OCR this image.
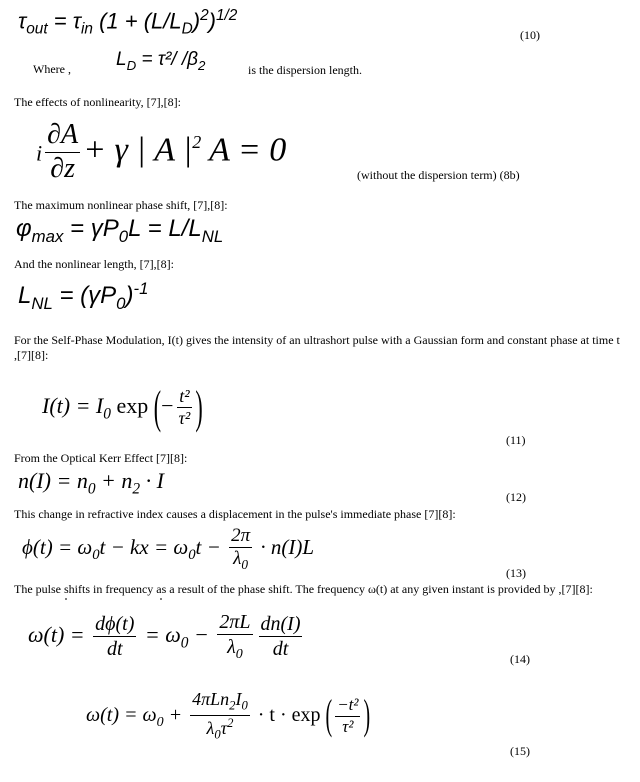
$\tau_{out} = \tau_{in}$ $(1 + (L/L_D)^2)^{1/2}$
(10)
Where , $L_D = \tau^2/$ $/\beta_2$	is the dispersion length.
The effects of nonlinearity, [7],[8]:
i $\frac{\partial A}{\partial z} + \gamma$ | A $|^2$ A = 0
(without the dispersion term) (8b)
The maximum nonlinear phase shift, [7],[8]:
$\varphi_{max} = \gamma P_0L = L/L_{NL}$
And the nonlinear length, [7],[8]:
$L_{NL} = (\gamma P_0)^{-1}$
For the Self-Phase Modulation, I(t) gives the intensity of an ultrashort pulse with a Gaussian form and constant phase at time t
,[7][8]:
$I(t) = I_0$ exp (− $\frac{\text{t²}}{\text{τ²}}$ )
(11)
From the Optical Kerr Effect [7][8]:
$n(I) = n_0 + n_2 \cdot I$
(12)
This change in refractive index causes a displacement in the pulse's immediate phase [7][8]:
$\phi(t) = \omega_0t$ − kx = $\omega_0t - \frac{2\pi}{\lambda_0} \cdot n(I)L$
(13)
The pulse shifts in frequency as a result of the phase shift. The frequency ω(t) at any given instant is provided by ,[7][8]:
$\omega(t) = \frac{d\phi(t)}{dt} = \omega_0 - \frac{2\pi L}{\lambda_0} \frac{dn(I)}{dt}$	(14)
$\omega(t) = \omega_0 + \frac{4\pi Ln_2I_0}{\lambda_0\tau^2} \cdot t \cdot \exp$ ( $\frac{\text{−t²}}{\text{τ²}}$ )
(15)
